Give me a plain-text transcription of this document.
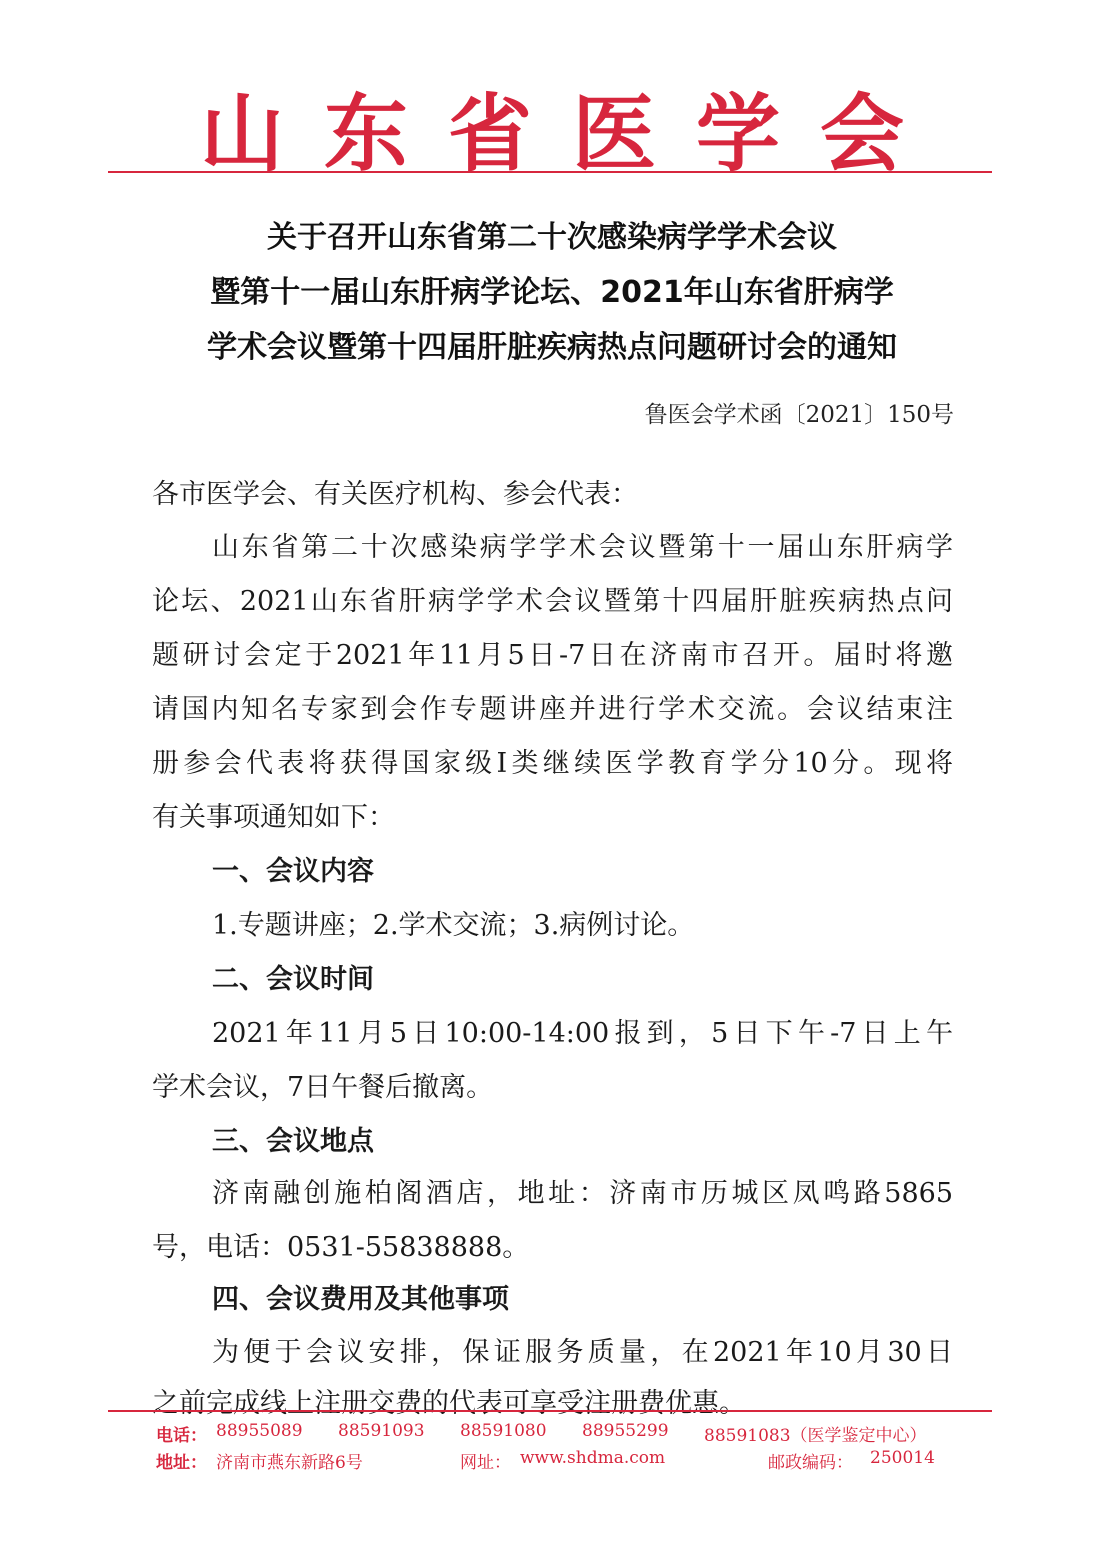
山东省医学会
关于召开山东省第二十次感染病学学术会议
暨第十一届山东肝病学论坛、2021年山东省肝病学
学术会议暨第十四届肝脏疾病热点问题研讨会的通知
鲁医会学术函〔2021〕150号
各市医学会、有关医疗机构、参会代表：
山东省第二十次感染病学学术会议暨第十一届山东肝病学
论坛、2021山东省肝病学学术会议暨第十四届肝脏疾病热点问
题研讨会定于2021年11月5日-7日在济南市召开。届时将邀
请国内知名专家到会作专题讲座并进行学术交流。会议结束注
册参会代表将获得国家级I类继续医学教育学分10分。现将
有关事项通知如下：
一、会议内容
1.专题讲座；2.学术交流；3.病例讨论。
二、会议时间
2021年11月5日10:00-14:00报到，5日下午-7日上午
学术会议，7日午餐后撤离。
三、会议地点
济南融创施柏阁酒店，地址：济南市历城区凤鸣路5865
号，电话：0531-55838888。
四、会议费用及其他事项
为便于会议安排，保证服务质量，在2021年10月30日
之前完成线上注册交费的代表可享受注册费优惠。
电话： 88955089 88591093 88591080 88955299 88591083（医学鉴定中心）
地址： 济南市燕东新路6号	网址： www.shdma.com	邮政编码： 250014
